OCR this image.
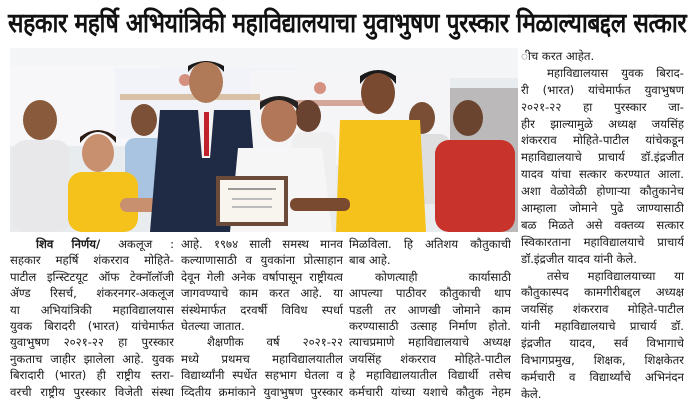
सहकार महर्षि अभियांत्रिकी महाविद्यालयाचा युवाभुषण पुरस्कार मिळाल्याबद्दल सत्कार
शिव निर्णय/ अकलूज :
सहकार महर्षि शंकरराव मोहिते-
पाटील इन्स्टिटयूट ऑफ टेक्नॉलॉजी
ॲण्ड रिसर्च, शंकरनगर-अकलूज
या अभियांत्रिकी महाविद्यालयास
युवक बिरादरी (भारत) यांचेमार्फत
युवाभुषण २०२१-२२ हा पुरस्कार
नुकताच जाहीर झालेला आहे. युवक
बिरादारी (भारत) ही राष्ट्रीय स्तरा-
वरची राष्ट्रीय पुरस्कार विजेती संस्था
आहे. १९७४ साली समस्थ मानव
कल्याणासाठी व युवकांना प्रोत्साहान
देवून गेली अनेक वर्षापासून राष्ट्रीयत्व
जागवण्याचे काम करत आहे. या
संस्थेमार्फत दरवर्षी विविध स्पर्धा
घेतल्या जातात.
शैक्षणीक वर्ष २०२१-२२
मध्ये प्रथमच महाविद्यालयातील
विद्यार्थ्यांनी स्पर्धेत सहभाग घेतला व
व्दितीय क्रमांकाने युवाभुषण पुरस्कार
मिळविला. हि अतिशय कौतुकाची
बाब आहे.
कोणत्याही कार्यासाठी
आपल्या पाठीवर कौतुकाची थाप
पडली तर आणखी जोमाने काम
करण्यासाठी उत्साह निर्माण होतो.
त्याचप्रमाणे महाविद्यालयाचे अध्यक्ष
जयसिंह शंकरराव मोहिते-पाटील
हे महाविद्यालयातील विद्यार्थी तसेच
कर्मचारी यांच्या यशाचे कौतुक नेहम
ीच करत आहेत.
महाविद्यालयास युवक बिराद-
री (भारत) यांचेमार्फत युवाभुषण
२०२१-२२ हा पुरस्कार जा-
हीर झाल्यामुळे अध्यक्ष जयसिंह
शंकरराव मोहिते-पाटील यांचेकडून
महाविद्यालयाचे प्राचार्य डॉ.इंद्रजीत
यादव यांचा सत्कार करण्यात आला.
अशा वेळोवेळी होणाऱ्या कौतुकानेच
आम्हाला जोमाने पुढे जाण्यासाठी
बळ मिळते असे वक्तव्य सत्कार
स्विकारताना महाविद्यालयाचे प्राचार्य
डॉ.इंद्रजीत यादव यांनी केले.
तसेच महाविद्यालयाच्या या
कौतुकास्पद कामगीरीबद्दल अध्यक्ष
जयसिंह शंकरराव मोहिते-पाटील
यांनी महाविद्यालयाचे प्राचार्य डॉ.
इंद्रजीत यादव, सर्व विभागाचे
विभागप्रमुख, शिक्षक, शिक्षकेतर
कर्मचारी व विद्यार्थ्यांचे अभिनंदन
केले.
